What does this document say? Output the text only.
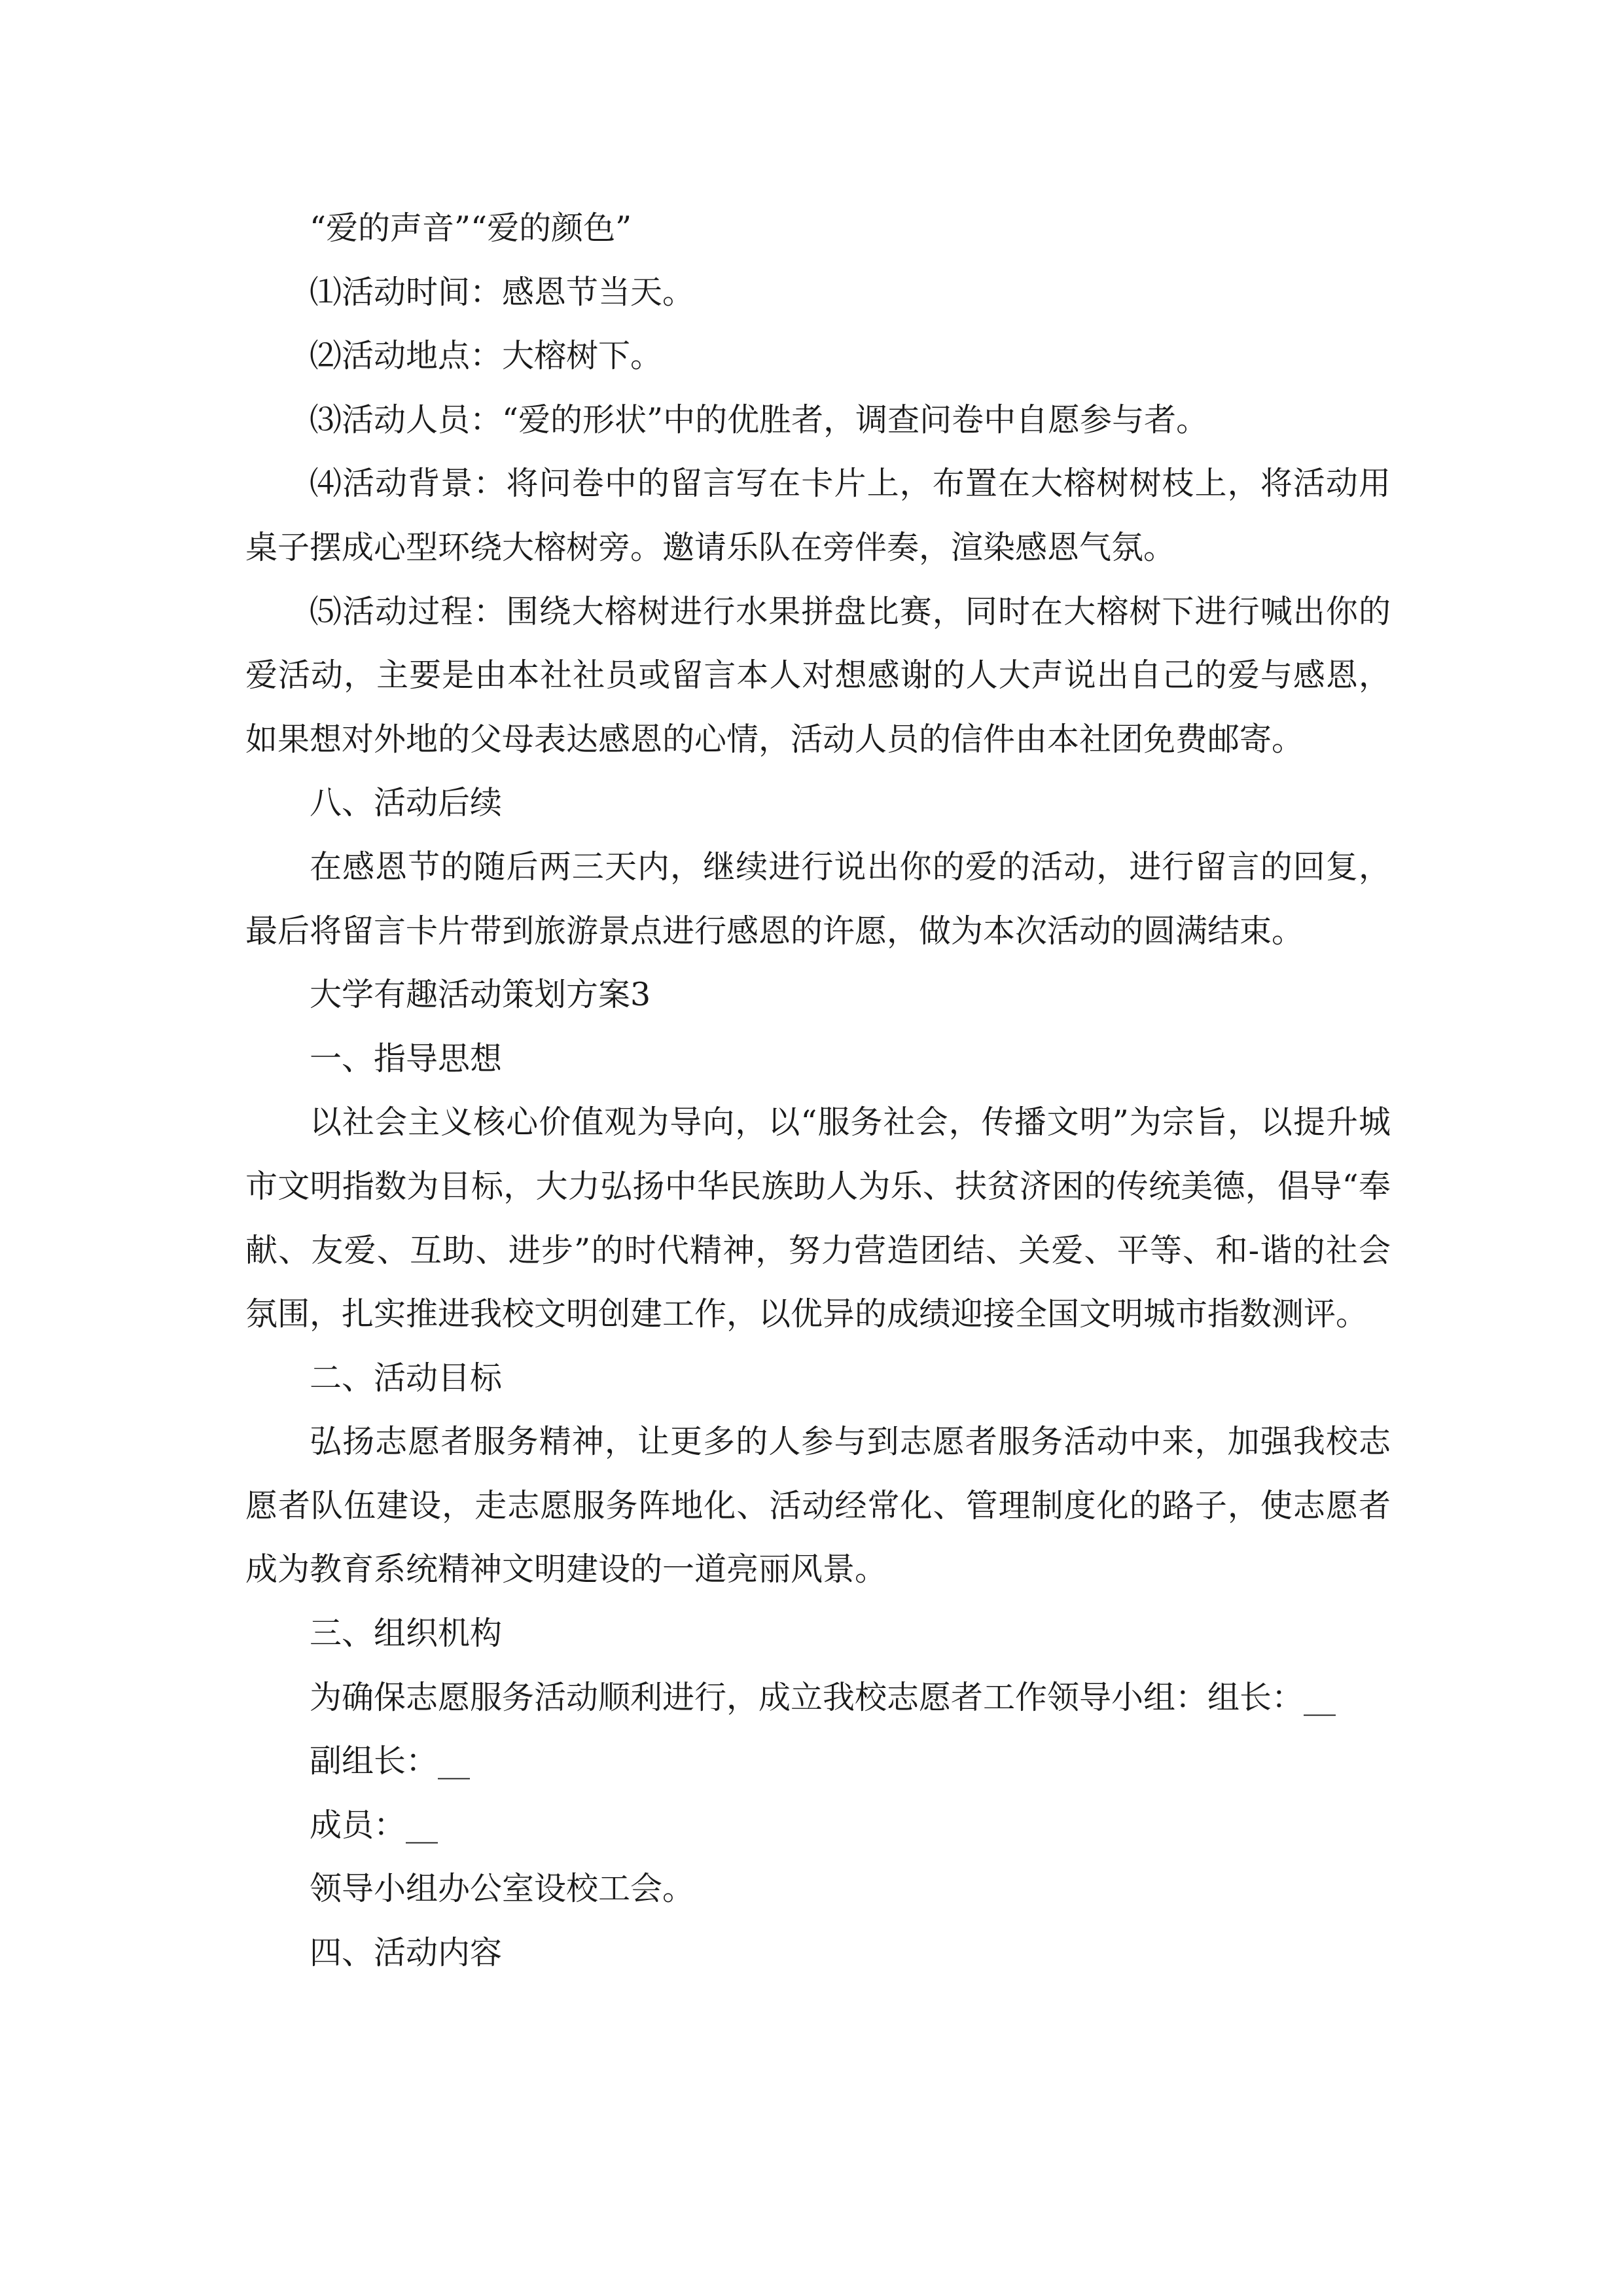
“爱的声音”“爱的颜色”

⑴活动时间：感恩节当天。

⑵活动地点：大榕树下。

⑶活动人员：“爱的形状”中的优胜者，调查问卷中自愿参与者。

⑷活动背景：将问卷中的留言写在卡片上，布置在大榕树树枝上，将活动用桌子摆成心型环绕大榕树旁。邀请乐队在旁伴奏，渲染感恩气氛。

⑸活动过程：围绕大榕树进行水果拼盘比赛，同时在大榕树下进行喊出你的爱活动，主要是由本社社员或留言本人对想感谢的人大声说出自己的爱与感恩，如果想对外地的父母表达感恩的心情，活动人员的信件由本社团免费邮寄。

八、活动后续

在感恩节的随后两三天内，继续进行说出你的爱的活动，进行留言的回复，最后将留言卡片带到旅游景点进行感恩的许愿，做为本次活动的圆满结束。

大学有趣活动策划方案3

一、指导思想

以社会主义核心价值观为导向，以“服务社会，传播文明”为宗旨，以提升城市文明指数为目标，大力弘扬中华民族助人为乐、扶贫济困的传统美德，倡导“奉献、友爱、互助、进步”的时代精神，努力营造团结、关爱、平等、和-谐的社会氛围，扎实推进我校文明创建工作，以优异的成绩迎接全国文明城市指数测评。

二、活动目标

弘扬志愿者服务精神，让更多的人参与到志愿者服务活动中来，加强我校志愿者队伍建设，走志愿服务阵地化、活动经常化、管理制度化的路子，使志愿者成为教育系统精神文明建设的一道亮丽风景。

三、组织机构

为确保志愿服务活动顺利进行，成立我校志愿者工作领导小组：组长：__

副组长：__

成员：__

领导小组办公室设校工会。

四、活动内容
